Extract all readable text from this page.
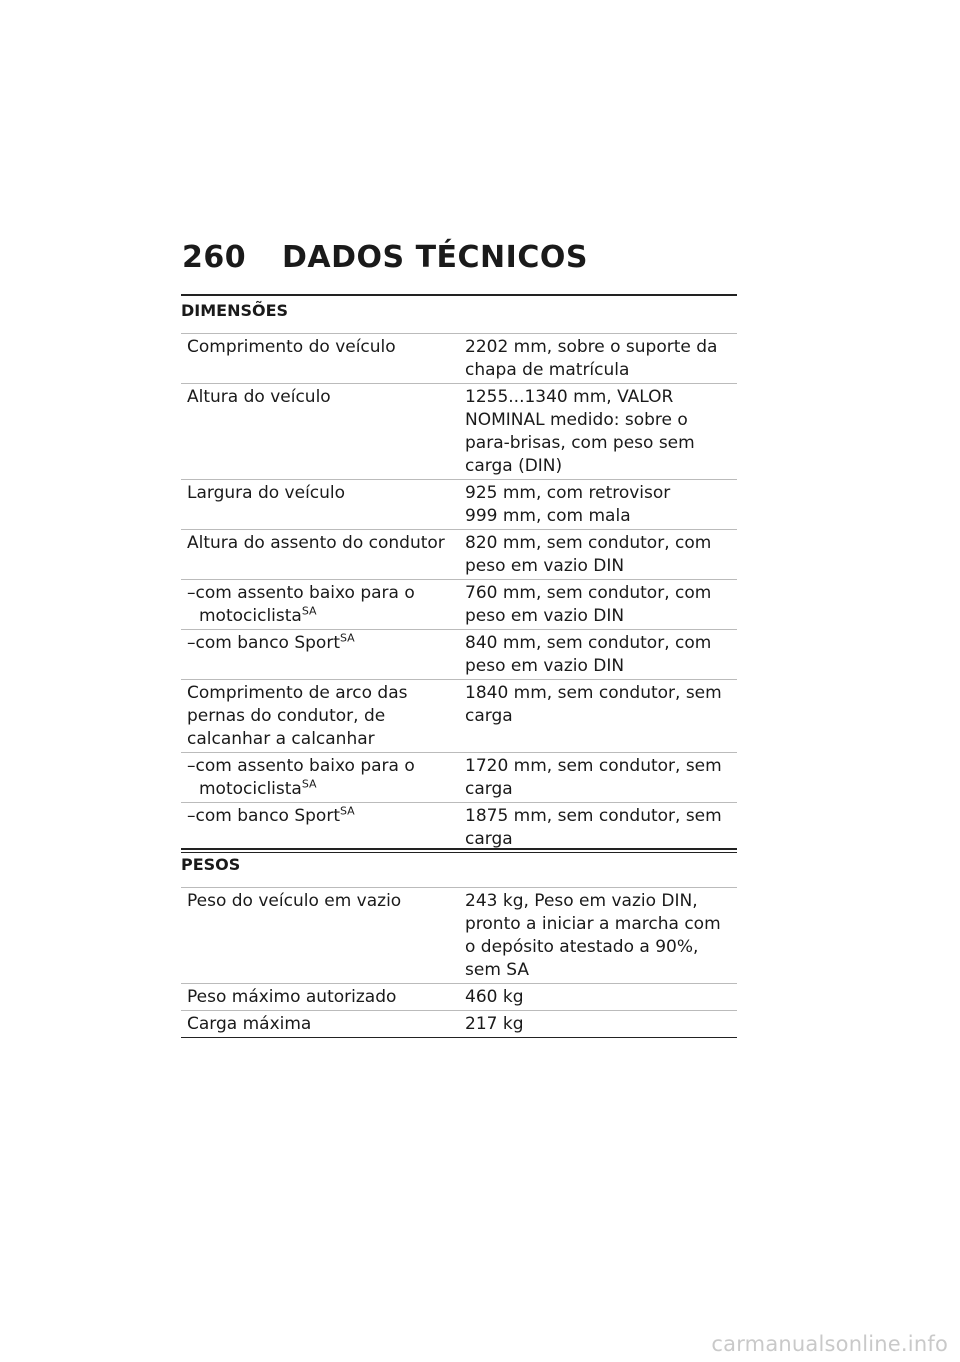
260	DADOS TÉCNICOS
DIMENSÕES
Comprimento do veículo	2202 mm, sobre o suporte da chapa de matrícula
Altura do veículo	1255...1340 mm, VALOR NOMINAL medido: sobre o para-brisas, com peso sem carga (DIN)
Largura do veículo	925 mm, com retrovisor
999 mm, com mala
Altura do assento do condutor	820 mm, sem condutor, com peso em vazio DIN

–com assento baixo para o motociclista$^{SA}$	760 mm, sem condutor, com peso em vazio DIN

–com banco Sport$^{SA}$	840 mm, sem condutor, com peso em vazio DIN
Comprimento de arco das pernas do condutor, de calcanhar a calcanhar	1840 mm, sem condutor, sem carga

–com assento baixo para o motociclista$^{SA}$	1720 mm, sem condutor, sem carga

–com banco Sport$^{SA}$	1875 mm, sem condutor, sem carga
PESOS
Peso do veículo em vazio	243 kg, Peso em vazio DIN, pronto a iniciar a marcha com o depósito atestado a 90%, sem SA
Peso máximo autorizado	460 kg
Carga máxima	217 kg
carmanualsonline.info
